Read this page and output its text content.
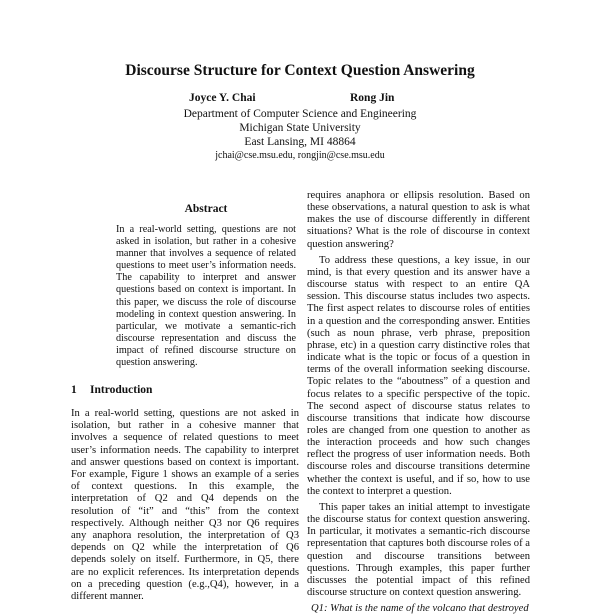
Discourse Structure for Context Question Answering
Joyce Y. Chai	Rong Jin
Department of Computer Science and Engineering
Michigan State University
East Lansing, MI 48864
jchai@cse.msu.edu, rongjin@cse.msu.edu
Abstract
In a real-world setting, questions are not asked in isolation, but rather in a cohesive manner that involves a sequence of related questions to meet user’s information needs. The capability to interpret and answer questions based on context is important. In this paper, we discuss the role of discourse modeling in context question answering. In particular, we motivate a semantic-rich discourse representation and discuss the impact of refined discourse structure on question answering.
1 Introduction

In a real-world setting, questions are not asked in isolation, but rather in a cohesive manner that involves a sequence of related questions to meet user’s information needs. The capability to interpret and answer questions based on context is important. For example, Figure 1 shows an example of a series of context questions. In this example, the interpretation of Q2 and Q4 depends on the resolution of “it” and “this” from the context respectively. Although neither Q3 nor Q6 requires any anaphora resolution, the interpretation of Q3 depends on Q2 while the interpretation of Q6 depends solely on itself. Furthermore, in Q5, there are no explicit references. Its interpretation depends on a preceding question (e.g.,Q4), however, in a different manner.

requires anaphora or ellipsis resolution. Based on these observations, a natural question to ask is what makes the use of discourse differently in different situations? What is the role of discourse in context question answering?

To address these questions, a key issue, in our mind, is that every question and its answer have a discourse status with respect to an entire QA session. This discourse status includes two aspects. The first aspect relates to discourse roles of entities in a question and the corresponding answer. Entities (such as noun phrase, verb phrase, preposition phrase, etc) in a question carry distinctive roles that indicate what is the topic or focus of a question in terms of the overall information seeking discourse. Topic relates to the “aboutness” of a question and focus relates to a specific perspective of the topic. The second aspect of discourse status relates to discourse transitions that indicate how discourse roles are changed from one question to another as the interaction proceeds and how such changes reflect the progress of user information needs. Both discourse roles and discourse transitions determine whether the context is useful, and if so, how to use the context to interpret a question.

This paper takes an initial attempt to investigate the discourse status for context question answering. In particular, it motivates a semantic-rich discourse representation that captures both discourse roles of a question and discourse transitions between questions. Through examples, this paper further discusses the potential impact of this refined discourse structure on context question answering.

Q1: What is the name of the volcano that destroyed
